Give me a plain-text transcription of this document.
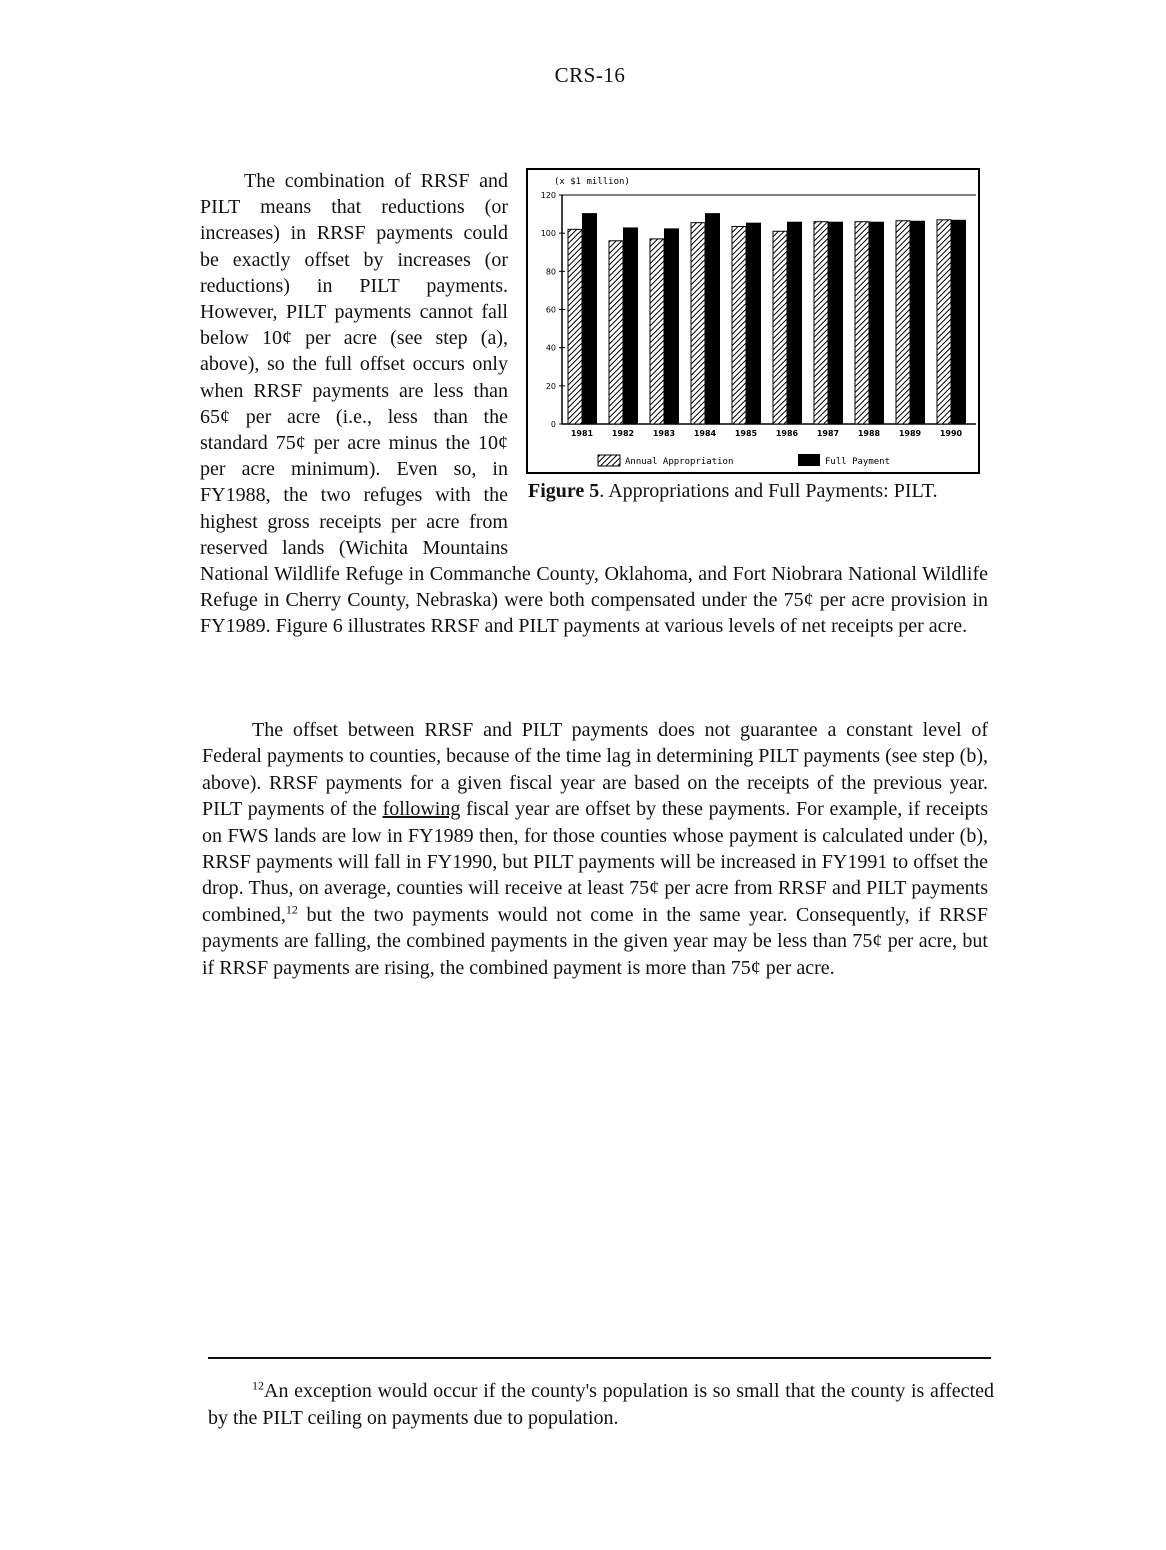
CRS-16
(x $1 million)
0
20
40
60
80
100
120
1981 1982 1983 1984 1985 1986 1987 1988 1989 1990
Annual Appropriation	Full Payment
Figure 5. Appropriations and Full Payments: PILT.

The combination of RRSF and PILT means that reductions (or increases) in RRSF payments could be exactly offset by increases (or reductions) in PILT payments. However, PILT payments cannot fall below 10¢ per acre (see step (a), above), so the full offset occurs only when RRSF payments are less than 65¢ per acre (i.e., less than the standard 75¢ per acre minus the 10¢ per acre minimum). Even so, in FY1988, the two refuges with the highest gross receipts per acre from reserved lands (Wichita Mountains National Wildlife Refuge in Commanche County, Oklahoma, and Fort Niobrara National Wildlife Refuge in Cherry County, Nebraska) were both compensated under the 75¢ per acre provision in FY1989. Figure 6 illustrates RRSF and PILT payments at various levels of net receipts per acre.

The offset between RRSF and PILT payments does not guarantee a constant level of Federal payments to counties, because of the time lag in determining PILT payments (see step (b), above). RRSF payments for a given fiscal year are based on the receipts of the previous year. PILT payments of the following fiscal year are offset by these payments. For example, if receipts on FWS lands are low in FY1989 then, for those counties whose payment is calculated under (b), RRSF payments will fall in FY1990, but PILT payments will be increased in FY1991 to offset the drop. Thus, on average, counties will receive at least 75¢ per acre from RRSF and PILT payments combined,$^{12}$ but the two payments would not come in the same year. Consequently, if RRSF payments are falling, the combined payments in the given year may be less than 75¢ per acre, but if RRSF payments are rising, the combined payment is more than 75¢ per acre.

$^{12}$An exception would occur if the county's population is so small that the county is affected by the PILT ceiling on payments due to population.
